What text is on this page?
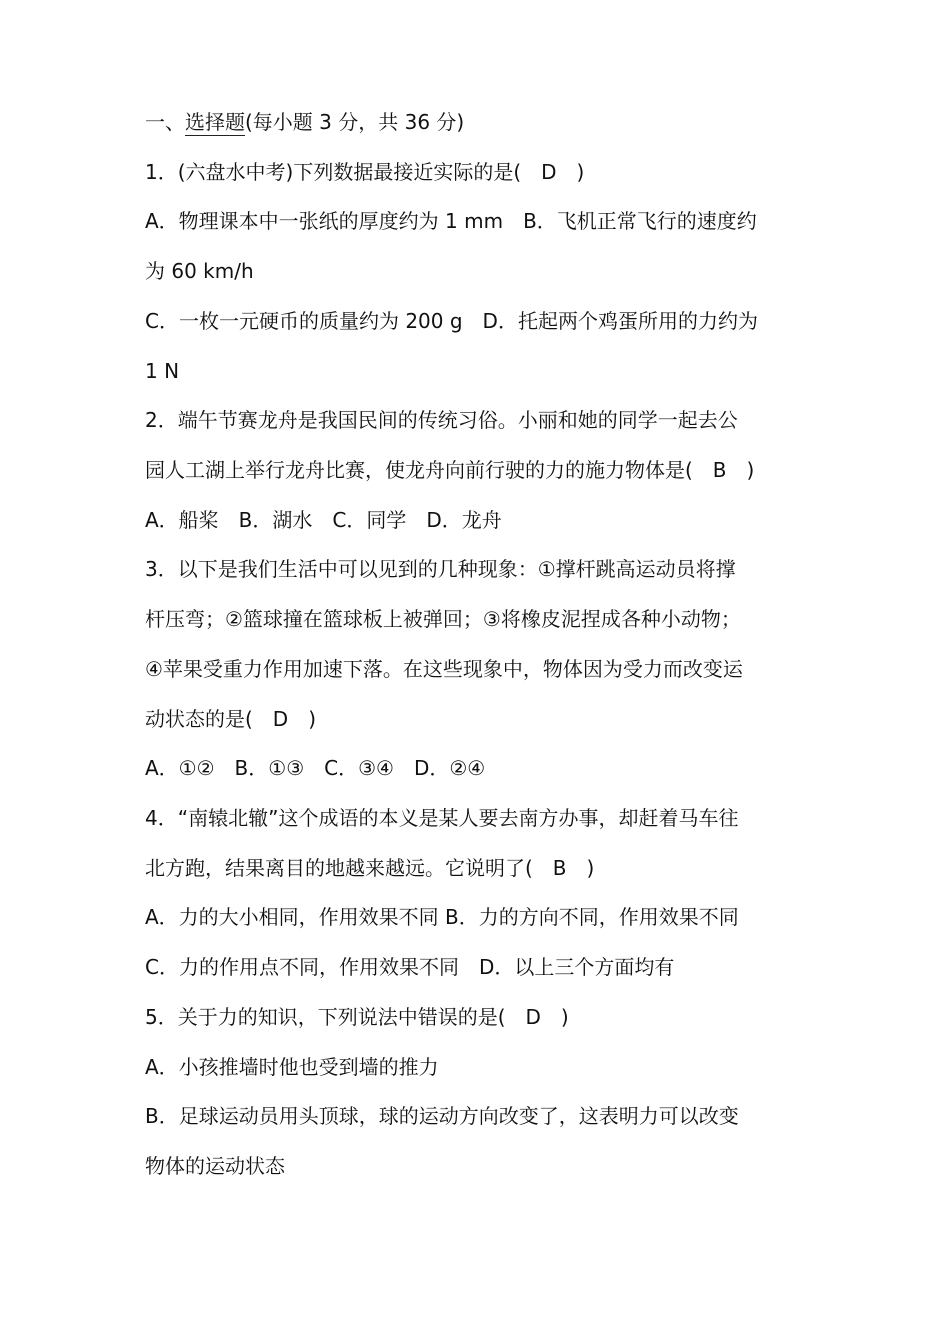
一、选择题(每小题 3 分，共 36 分)
1．(六盘水中考)下列数据最接近实际的是(　D　)
A．物理课本中一张纸的厚度约为 1 mm　B．飞机正常飞行的速度约
为 60 km/h
C．一枚一元硬币的质量约为 200 g　D．托起两个鸡蛋所用的力约为
1 N
2．端午节赛龙舟是我国民间的传统习俗。小丽和她的同学一起去公
园人工湖上举行龙舟比赛，使龙舟向前行驶的力的施力物体是(　B　)
A．船桨　B．湖水　C．同学　D．龙舟
3．以下是我们生活中可以见到的几种现象：①撑杆跳高运动员将撑
杆压弯；②篮球撞在篮球板上被弹回；③将橡皮泥捏成各种小动物；
④苹果受重力作用加速下落。在这些现象中，物体因为受力而改变运
动状态的是(　D　)
A．①②　B．①③　C．③④　D．②④
4．“南辕北辙”这个成语的本义是某人要去南方办事，却赶着马车往
北方跑，结果离目的地越来越远。它说明了(　B　)
A．力的大小相同，作用效果不同 B．力的方向不同，作用效果不同
C．力的作用点不同，作用效果不同　D．以上三个方面均有
5．关于力的知识，下列说法中错误的是(　D　)
A．小孩推墙时他也受到墙的推力
B．足球运动员用头顶球，球的运动方向改变了，这表明力可以改变
物体的运动状态
